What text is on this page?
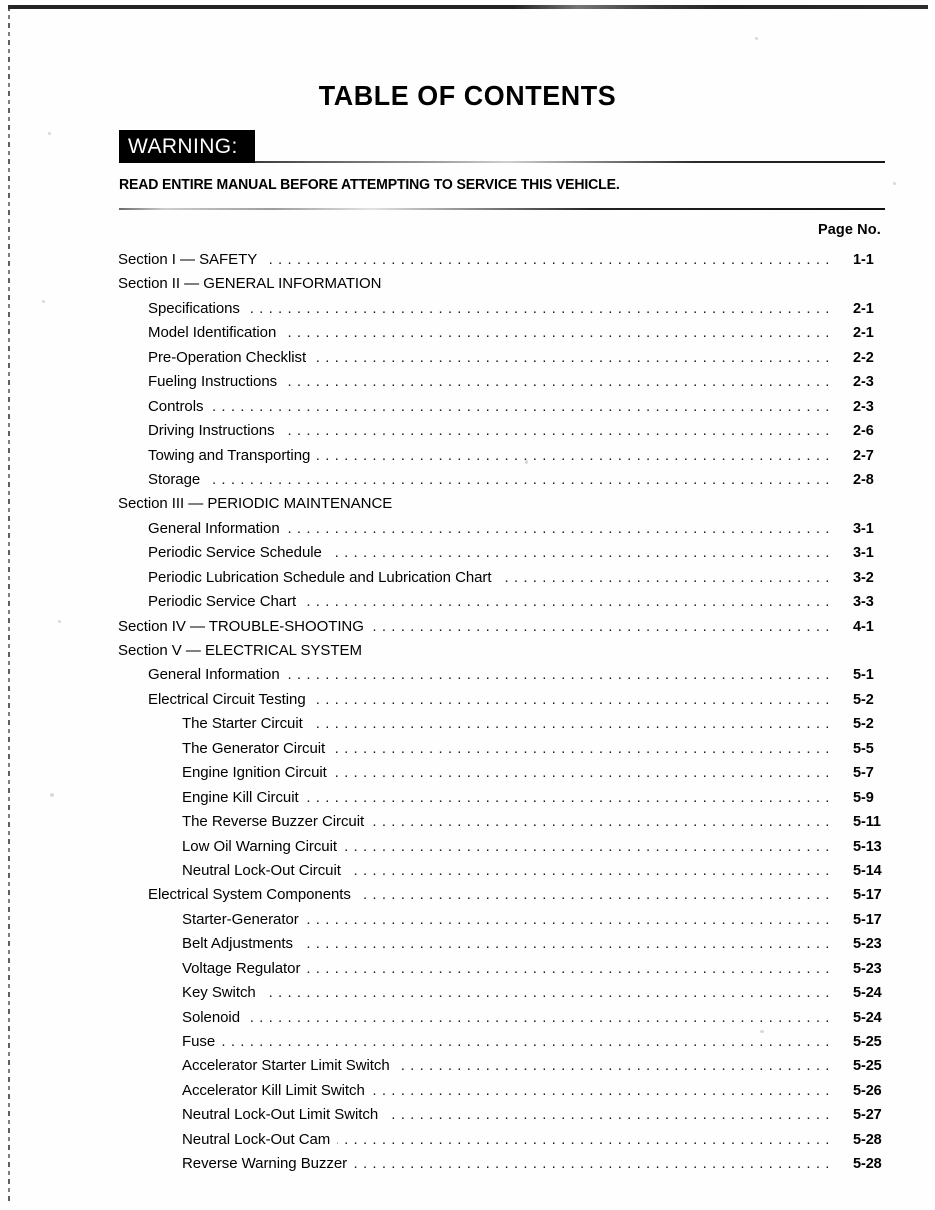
TABLE OF CONTENTS
WARNING:
READ ENTIRE MANUAL BEFORE ATTEMPTING TO SERVICE THIS VEHICLE.
Page No.
. . .
Section I — SAFETY	1-1
Section II — GENERAL INFORMATION
. . .
Specifications	2-1
. . .
Model Identification	2-1
. . .
Pre-Operation Checklist	2-2
. . .
Fueling Instructions	2-3
. . .
Controls	2-3
. . .
Driving Instructions	2-6
. . .
Towing and Transporting	2-7
. . .
Storage	2-8
Section III — PERIODIC MAINTENANCE
. . .
General Information	3-1
. . .
Periodic Service Schedule	3-1
. . .
Periodic Lubrication Schedule and Lubrication Chart	3-2
. . .
Periodic Service Chart	3-3
. . .
Section IV — TROUBLE-SHOOTING	4-1
Section V — ELECTRICAL SYSTEM
. . .
General Information	5-1
. . .
Electrical Circuit Testing	5-2
. . .
The Starter Circuit	5-2
. . .
The Generator Circuit	5-5
. . .
Engine Ignition Circuit	5-7
. . .
Engine Kill Circuit	5-9
. . .
The Reverse Buzzer Circuit	5-11
. . .
Low Oil Warning Circuit	5-13
. . .
Neutral Lock-Out Circuit	5-14
. . .
Electrical System Components	5-17
. . .
Starter-Generator	5-17
. . .
Belt Adjustments	5-23
. . .
Voltage Regulator	5-23
. . .
Key Switch	5-24
. . .
Solenoid	5-24
. . .
Fuse	5-25
. . .
Accelerator Starter Limit Switch	5-25
. . .
Accelerator Kill Limit Switch	5-26
. . .
Neutral Lock-Out Limit Switch	5-27
. . .
Neutral Lock-Out Cam	5-28
. . .
Reverse Warning Buzzer	5-28
